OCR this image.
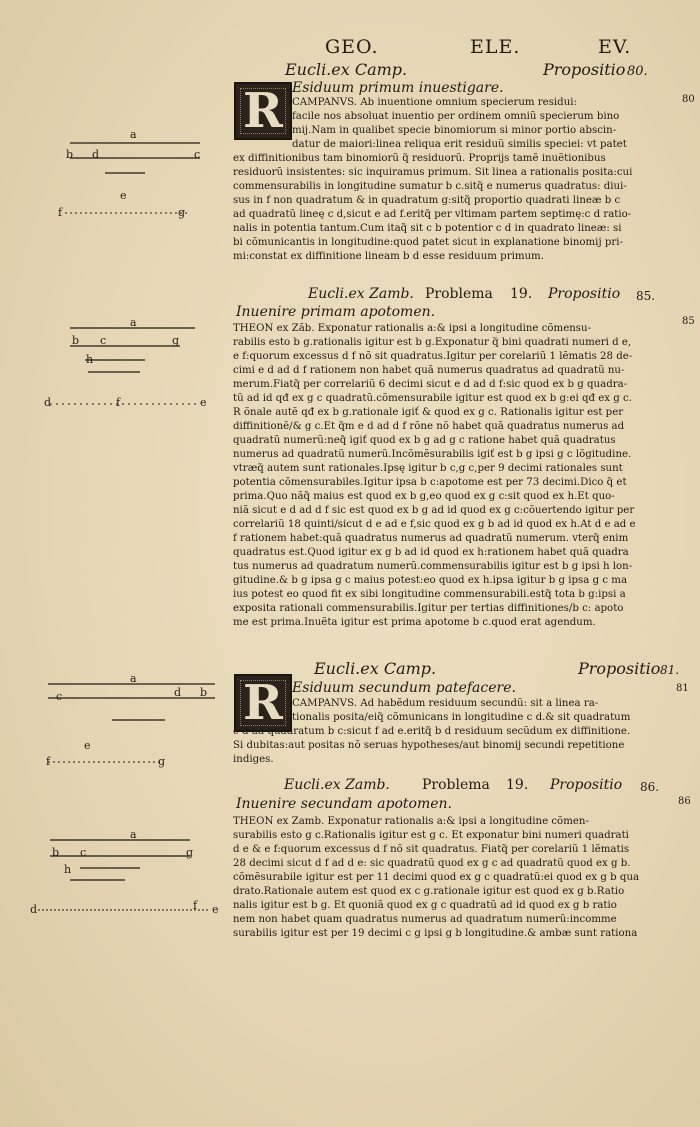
GEO.	ELE.	EV.
Eucli.ex Camp.	Propositio 80.
80
R Esiduum primum inuestigare.
CAMPANVS. Ab inuentione omnium specierum residui:
facile nos absoluat inuentio per ordinem omniũ specierum bino
mij.Nam in qualibet specie binomiorum si minor portio abscin-
datur de maiori:linea reliqua erit residuũ similis speciei: vt patet
ex diffinitionibus tam binomiorũ q̃ residuorũ. Proprijs tamẽ inuẽtionibus
residuorũ insistentes: sic inquiramus primum. Sit linea a rationalis posita:cui
commensurabilis in longitudine sumatur b c.sitq̃ e numerus quadratus: diui-
sus in f non quadratum & in quadratum g:sitq̃ proportio quadrati lineæ b c
ad quadratũ lineę c d,sicut e ad f.eritq̃ per vltimam partem septimę:c d ratio-
nalis in potentia tantum.Cum itaq̃ sit c b potentior c d in quadrato lineæ: si
bi cõmunicantis in longitudine:quod patet sicut in explanatione binomij pri-
mi:constat ex diffinitione lineam b d esse residuum primum.
Eucli.ex Zamb. Problema 19. Propositio 85.
85
Inuenire primam apotomen.
THEON ex Zãb. Exponatur rationalis a:& ipsi a longitudine cõmensu-
rabilis esto b g.rationalis igitur est b g.Exponatur q̃ bini quadrati numeri d e,
e f:quorum excessus d f nõ sit quadratus.Igitur per corelariũ 1 lẽmatis 28 de-
cimi e d ad d f rationem non habet quã numerus quadratus ad quadratũ nu-
merum.Fiatq̃ per correlariũ 6 decimi sicut e d ad d f:sic quod ex b g quadra-
tũ ad id qđ ex g c quadratũ.cõmensurabile igitur est quod ex b g:ei qđ ex g c.
R õnale autẽ qđ ex b g.rationale igiť & quod ex g c. Rationalis igitur est per
diffinitionẽ/& g c.Et q̃m e d ad d f rõne nõ habet quã quadratus numerus ad
quadratũ numerũ:neq̃ igiť quod ex b g ad g c ratione habet quã quadratus
numerus ad quadratũ numerũ.Incõmẽsurabilis igiť est b g ipsi g c lõgitudine.
vtræq̃ autem sunt rationales.Ipsę igitur b c,g c,per 9 decimi rationales sunt
potentia cõmensurabiles.Igitur ipsa b c:apotome est per 73 decimi.Dico q̃ et
prima.Quo nãq̃ maius est quod ex b g,eo quod ex g c:sit quod ex h.Et quo-
niã sicut e d ad d f sic est quod ex b g ad id quod ex g c:cõuertendo igitur per
correlariũ 18 quinti/sicut d e ad e f,sic quod ex g b ad id quod ex h.At d e ad e
f rationem habet:quã quadratus numerus ad quadratũ numerum. vterq̃ enim
quadratus est.Quod igitur ex g b ad id quod ex h:rationem habet quã quadra
tus numerus ad quadratum numerũ.commensurabilis igitur est b g ipsi h lon-
gitudine.& b g ipsa g c maius potest:eo quod ex h.ipsa igitur b g ipsa g c ma
ius potest eo quod fit ex sibi longitudine commensurabili.estq̃ tota b g:ipsi a
exposita rationali commensurabilis.Igitur per tertias diffinitiones/b c: apoto
me est prima.Inuẽta igitur est prima apotome b c.quod erat agendum.
Eucli.ex Camp.	Propositio 81.
81
R Esiduum secundum patefacere.
CAMPANVS. Ad habẽdum residuum secundũ: sit a linea ra-
tionalis posita/eiq̃ cõmunicans in longitudine c d.& sit quadratum
c d ad quadratum b c:sicut f ad e.eritq̃ b d residuum secũdum ex diffinitione.
Si dubitas:aut positas nõ seruas hypotheses/aut binomij secundi repetitione
indiges.
Eucli.ex Zamb. Problema 19. Propositio 86.
86
Inuenire secundam apotomen.
THEON ex Zamb. Exponatur rationalis a:& ipsi a longitudine cõmen-
surabilis esto g c.Rationalis igitur est g c. Et exponatur bini numeri quadrati
d e & e f:quorum excessus d f nõ sit quadratus. Fiatq̃ per corelariũ 1 lẽmatis
28 decimi sicut d f ad d e: sic quadratũ quod ex g c ad quadratũ quod ex g b.
cõmẽsurabile igitur est per 11 decimi quod ex g c quadratũ:ei quod ex g b qua
drato.Rationale autem est quod ex c g.rationale igitur est quod ex g b.Ratio
nalis igitur est b g. Et quoniã quod ex g c quadratũ ad id quod ex g b ratio
nem non habet quam quadratus numerus ad quadratum numerũ:incomme
surabilis igitur est per 19 decimi c g ipsi g b longitudine.& ambæ sunt rationa
a
b d	c
e
f	g
a
b c	g
h
d	f	e
a
c	d b
e
f	g
a
b c	g
h
d	f e
